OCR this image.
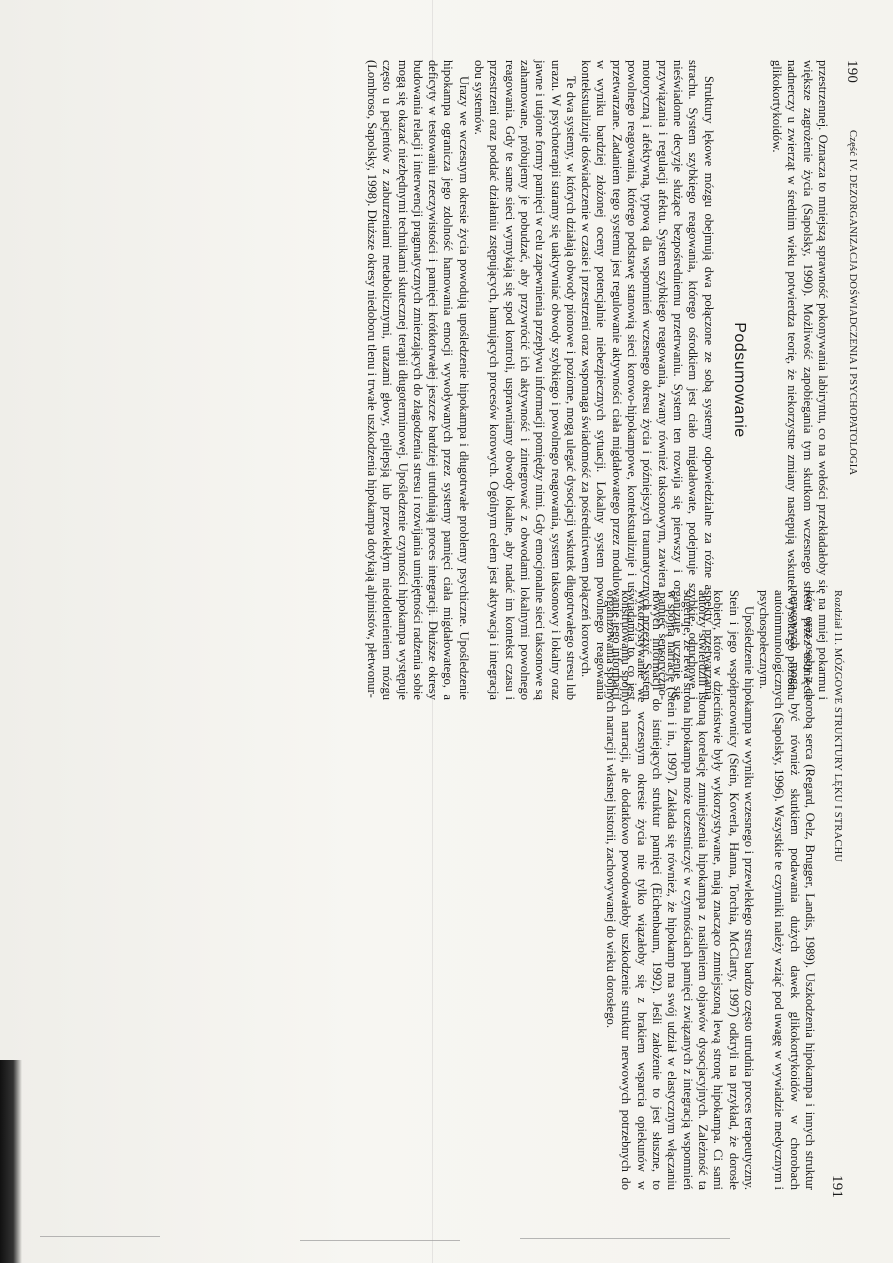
190
Część IV. DEZORGANIZACJA DOŚWIADCZENIA I PSYCHOPATOLOGIA

przestrzennej. Oznacza to mniejszą sprawność pokonywania labiryntu, co na wołości przekładałoby się na mniej pokarmu i większe zagrożenie życia (Sapolsky, 1990). Możliwość zapobiegania tym skutkom wczesnego stresu przez usunięcie nadnerczy u zwierząt w średnim wieku potwierdza teorię, że niekorzystne zmiany następują wskutek wysokiego poziomu glikokortykoidów.

Podsumowanie

Struktury lękowe mózgu obejmują dwa połączone ze sobą systemy odpowiedzialne za różne aspekty przetwarzania strachu. System szybkiego reagowania, którego ośrodkiem jest ciało migdałowate, podejmuje szybkie, odruchowe i nieświadome decyzje służące bezpośredniemu przetrwaniu. System ten rozwija się pierwszy i organizuje uczenie się przywiązania i regulacji afektu. System szybkiego reagowania, zwany również taksonowym, zawiera pamięć sensoryczno-motoryczną i afektywną, typową dla wspomnień wczesnego okresu życia i późniejszych traumatycznych przeżyć. System powolnego reagowania, którego podstawę stanowią sieci korowo-hipokampowe, kontekstualizuje i uświadamia to, co jest przetwarzane. Zadaniem tego systemu jest regulowanie aktywności ciała migdałowatego przez modulowanie jego informacji w wyniku bardziej złożonej oceny potencjalnie niebezpiecznych sytuacji. Lokalny system powolnego reagowania kontekstualizuje doświadczenie w czasie i przestrzeni oraz wspomaga świadomość za pośrednictwem połączeń korowych.

Te dwa systemy, w których działają obwody pionowe i poziome, mogą ulegać dysocjacji wskutek długotrwałego stresu lub urazu. W psychoterapii staramy się uaktywniać obwody szybkiego i powolnego reagowania, system taksonowy i lokalny oraz jawne i utajone formy pamięci w celu zapewnienia przepływu informacji pomiędzy nimi. Gdy emocjonalne sieci taksonowe są zahamowane, próbujemy je pobudzać, aby przywrócić ich aktywność i zintegrować z obwodami lokalnymi powolnego reagowania. Gdy te same sieci wymykają się spod kontroli, usprawniamy obwody lokalne, aby nadać im kontekst czasu i przestrzeni oraz poddać działaniu zstępujących, hamujących procesów korowych. Ogólnym celem jest aktywacja i integracja obu systemów.

Urazy we wczesnym okresie życia powodują upośledzenie hipokampa i długotrwałe problemy psychiczne. Upośledzenie hipokampa ogranicza jego zdolność hamowania emocji wywoływanych przez systemy pamięci ciała migdałowatego, a deficyty w testowaniu rzeczywistości i pamięci krótkotrwałej jeszcze bardziej utrudniają proces integracji. Dłuższe okresy budowania relacji i interwencji pragmatycznych zmierzających do złagodzenia stresu i rozwijania umiejętności radzenia sobie mogą się okazać niezbędnymi technikami skutecznej terapii długoterminowej. Upośledzenie czynności hipokampa występuje często u pacjentów z zaburzeniami metabolicznymi, urazami głowy, epilepsją lub przewlekłym niedotlenieniem mózgu (Lombroso, Sapolsky, 1998). Dłuższe okresy niedoboru tlenu i trwałe uszkodzenia hipokampa dotykają alpinistów, płetwonur-

Rozdział 11. MÓZGOWE STRUKTURY LĘKU I STRACHU
191

ków oraz osoby z chorobą serca (Regard, Oelz, Brugger, Landis, 1989). Uszkodzenia hipokampa i innych struktur nerwowych mogą być również skutkiem podawania dużych dawek glikokortykoidów w chorobach autoimmunologicznych (Sapolsky, 1996). Wszystkie te czynniki należy wziąć pod uwagę w wywiadzie medycznym i psychospołecznym.

Upośledzenie hipokampa w wyniku wczesnego i przewlekłego stresu bardzo często utrudnia proces terapeutyczny. Stein i jego współpracownicy (Stein, Koverla, Hanna, Torchia, McClarty, 1997) odkryli na przykład, że dorosłe kobiety, które w dzieciństwie były wykorzystywane, mają znacząco zmniejszoną lewą stronę hipokampa. Ci sami autorzy stwierdzili istotną korelację zmniejszenia hipokampa z nasileniem objawów dysocjacyjnych. Zależność ta sugeruje, że lewa strona hipokampa może uczestniczyć w czynnościach pamięci związanych z integracją wspomnień w spójną narrację (Stein i in., 1997). Zakłada się również, że hipokamp ma swój udział w elastycznym włączaniu nowych informacji do istniejących struktur pamięci (Eichenbaum, 1992). Jeśli założenie to jest słuszne, to wykorzystywanie we wczesnym okresie życia nie tylko wiązałoby się z brakiem wsparcia opiekunów w konstruowaniu spójnych narracji, ale dodatkowo powodowałoby uszkodzenie struktur nerwowych potrzebnych do organizowania spójnych narracji i własnej historii, zachowywanej do wieku dorosłego.
